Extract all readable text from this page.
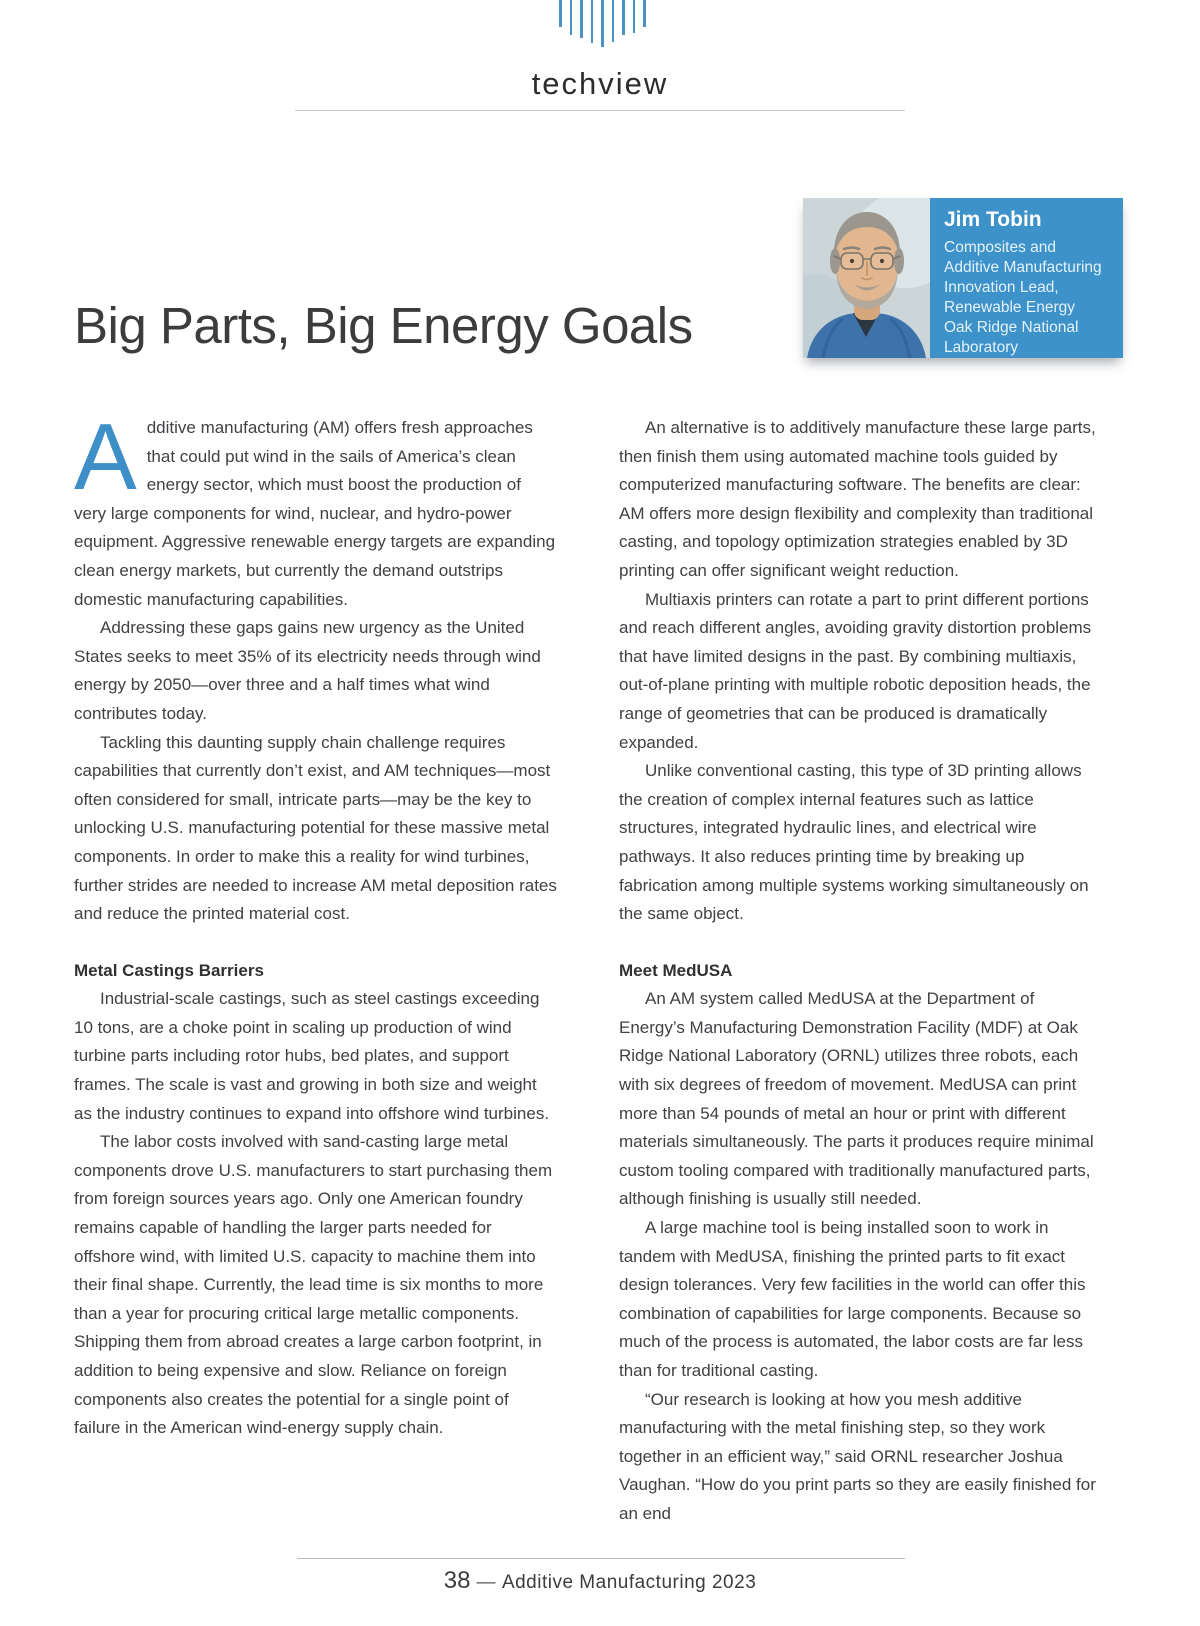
techview
Big Parts, Big Energy Goals
Jim Tobin
Composites and
Additive Manufacturing
Innovation Lead,
Renewable Energy
Oak Ridge National
Laboratory

Additive manufacturing (AM) offers fresh approaches that could put wind in the sails of America’s clean energy sector, which must boost the production of very large components for wind, nuclear, and hydro-power equipment. Aggressive renewable energy targets are expanding clean energy markets, but currently the demand outstrips domestic manufacturing capabilities.

Addressing these gaps gains new urgency as the United States seeks to meet 35% of its electricity needs through wind energy by 2050—over three and a half times what wind contributes today.

Tackling this daunting supply chain challenge requires capabilities that currently don’t exist, and AM techniques—most often considered for small, intricate parts—may be the key to unlocking U.S. manufacturing potential for these massive metal components. In order to make this a reality for wind turbines, further strides are needed to increase AM metal deposition rates and reduce the printed material cost.

Metal Castings Barriers

Industrial-scale castings, such as steel castings exceeding 10 tons, are a choke point in scaling up production of wind turbine parts including rotor hubs, bed plates, and support frames. The scale is vast and growing in both size and weight as the industry continues to expand into offshore wind turbines.

The labor costs involved with sand-casting large metal components drove U.S. manufacturers to start purchasing them from foreign sources years ago. Only one American foundry remains capable of handling the larger parts needed for offshore wind, with limited U.S. capacity to machine them into their final shape. Currently, the lead time is six months to more than a year for procuring critical large metallic components. Shipping them from abroad creates a large carbon footprint, in addition to being expensive and slow. Reliance on foreign components also creates the potential for a single point of failure in the American wind-energy supply chain.

An alternative is to additively manufacture these large parts, then finish them using automated machine tools guided by computerized manufacturing software. The benefits are clear: AM offers more design flexibility and complexity than traditional casting, and topology optimization strategies enabled by 3D printing can offer significant weight reduction.

Multiaxis printers can rotate a part to print different portions and reach different angles, avoiding gravity distortion problems that have limited designs in the past. By combining multiaxis, out-of-plane printing with multiple robotic deposition heads, the range of geometries that can be produced is dramatically expanded.

Unlike conventional casting, this type of 3D printing allows the creation of complex internal features such as lattice structures, integrated hydraulic lines, and electrical wire pathways. It also reduces printing time by breaking up fabrication among multiple systems working simultaneously on the same object.

Meet MedUSA

An AM system called MedUSA at the Department of Energy’s Manufacturing Demonstration Facility (MDF) at Oak Ridge National Laboratory (ORNL) utilizes three robots, each with six degrees of freedom of movement. MedUSA can print more than 54 pounds of metal an hour or print with different materials simultaneously. The parts it produces require minimal custom tooling compared with traditionally manufactured parts, although finishing is usually still needed.

A large machine tool is being installed soon to work in tandem with MedUSA, finishing the printed parts to fit exact design tolerances. Very few facilities in the world can offer this combination of capabilities for large components. Because so much of the process is automated, the labor costs are far less than for traditional casting.

“Our research is looking at how you mesh additive manufacturing with the metal finishing step, so they work together in an efficient way,” said ORNL researcher Joshua Vaughan. “How do you print parts so they are easily finished for an end

38 — Additive Manufacturing 2023
